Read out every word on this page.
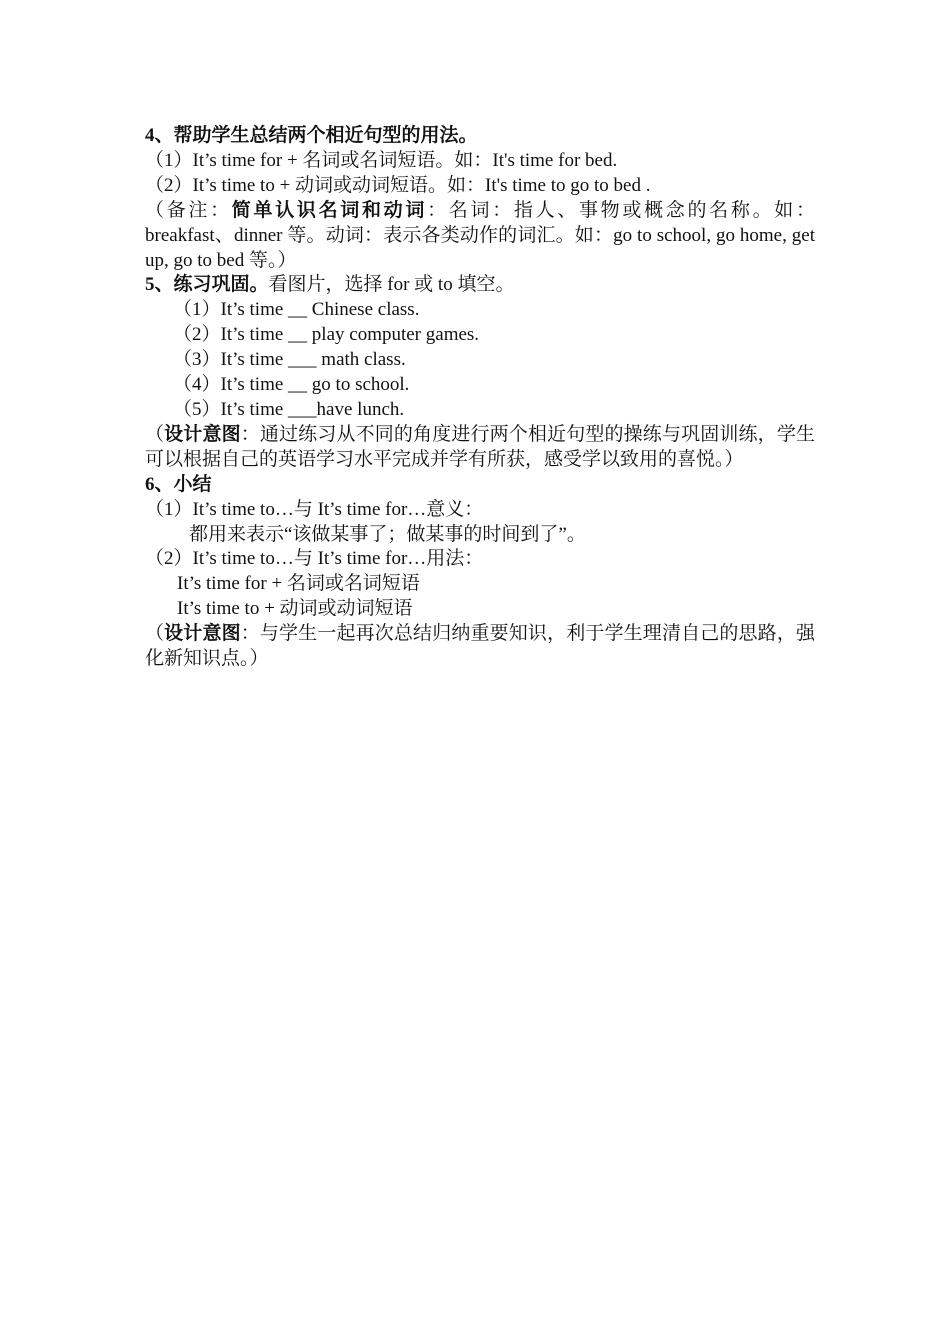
4、帮助学生总结两个相近句型的用法。
（1）It’s time for + 名词或名词短语。如：It's time for bed.
（2）It’s time to + 动词或动词短语。如：It's time to go to bed .
（备注：简单认识名词和动词：名词：指人、事物或概念的名称。如：breakfast、dinner 等。动词：表示各类动作的词汇。如：go to school, go home, get up, go to bed 等。）
5、练习巩固。看图片，选择 for 或 to 填空。
（1）It’s time __ Chinese class.
（2）It’s time __ play computer games.
（3）It’s time ___ math class.
（4）It’s time __ go to school.
（5）It’s time ___have lunch.
（设计意图：通过练习从不同的角度进行两个相近句型的操练与巩固训练，学生可以根据自己的英语学习水平完成并学有所获，感受学以致用的喜悦。）
6、小结
（1）It’s time to…与 It’s time for…意义：
都用来表示“该做某事了；做某事的时间到了”。
（2）It’s time to…与 It’s time for…用法：
It’s time for + 名词或名词短语
It’s time to + 动词或动词短语
（设计意图：与学生一起再次总结归纳重要知识，利于学生理清自己的思路，强化新知识点。）
